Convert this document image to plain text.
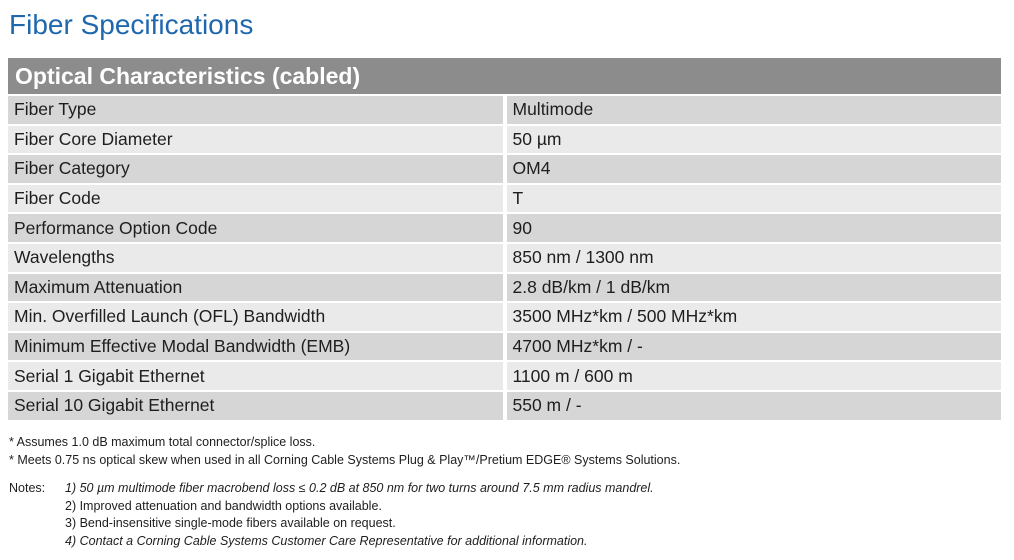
Fiber Specifications
Optical Characteristics (cabled)	
Fiber Type	Multimode
Fiber Core Diameter	50 µm
Fiber Category	OM4
Fiber Code	T
Performance Option Code	90
Wavelengths	850 nm / 1300 nm
Maximum Attenuation	2.8 dB/km / 1 dB/km
Min. Overfilled Launch (OFL) Bandwidth	3500 MHz*km / 500 MHz*km
Minimum Effective Modal Bandwidth (EMB)	4700 MHz*km / -
Serial 1 Gigabit Ethernet	1100 m / 600 m
Serial 10 Gigabit Ethernet	550 m / -
* Assumes 1.0 dB maximum total connector/splice loss.
* Meets 0.75 ns optical skew when used in all Corning Cable Systems Plug & Play™/Pretium EDGE® Systems Solutions.
Notes:	1) 50 µm multimode fiber macrobend loss ≤ 0.2 dB at 850 nm for two turns around 7.5 mm radius mandrel.
2) Improved attenuation and bandwidth options available.
3) Bend-insensitive single-mode fibers available on request.
4) Contact a Corning Cable Systems Customer Care Representative for additional information.
